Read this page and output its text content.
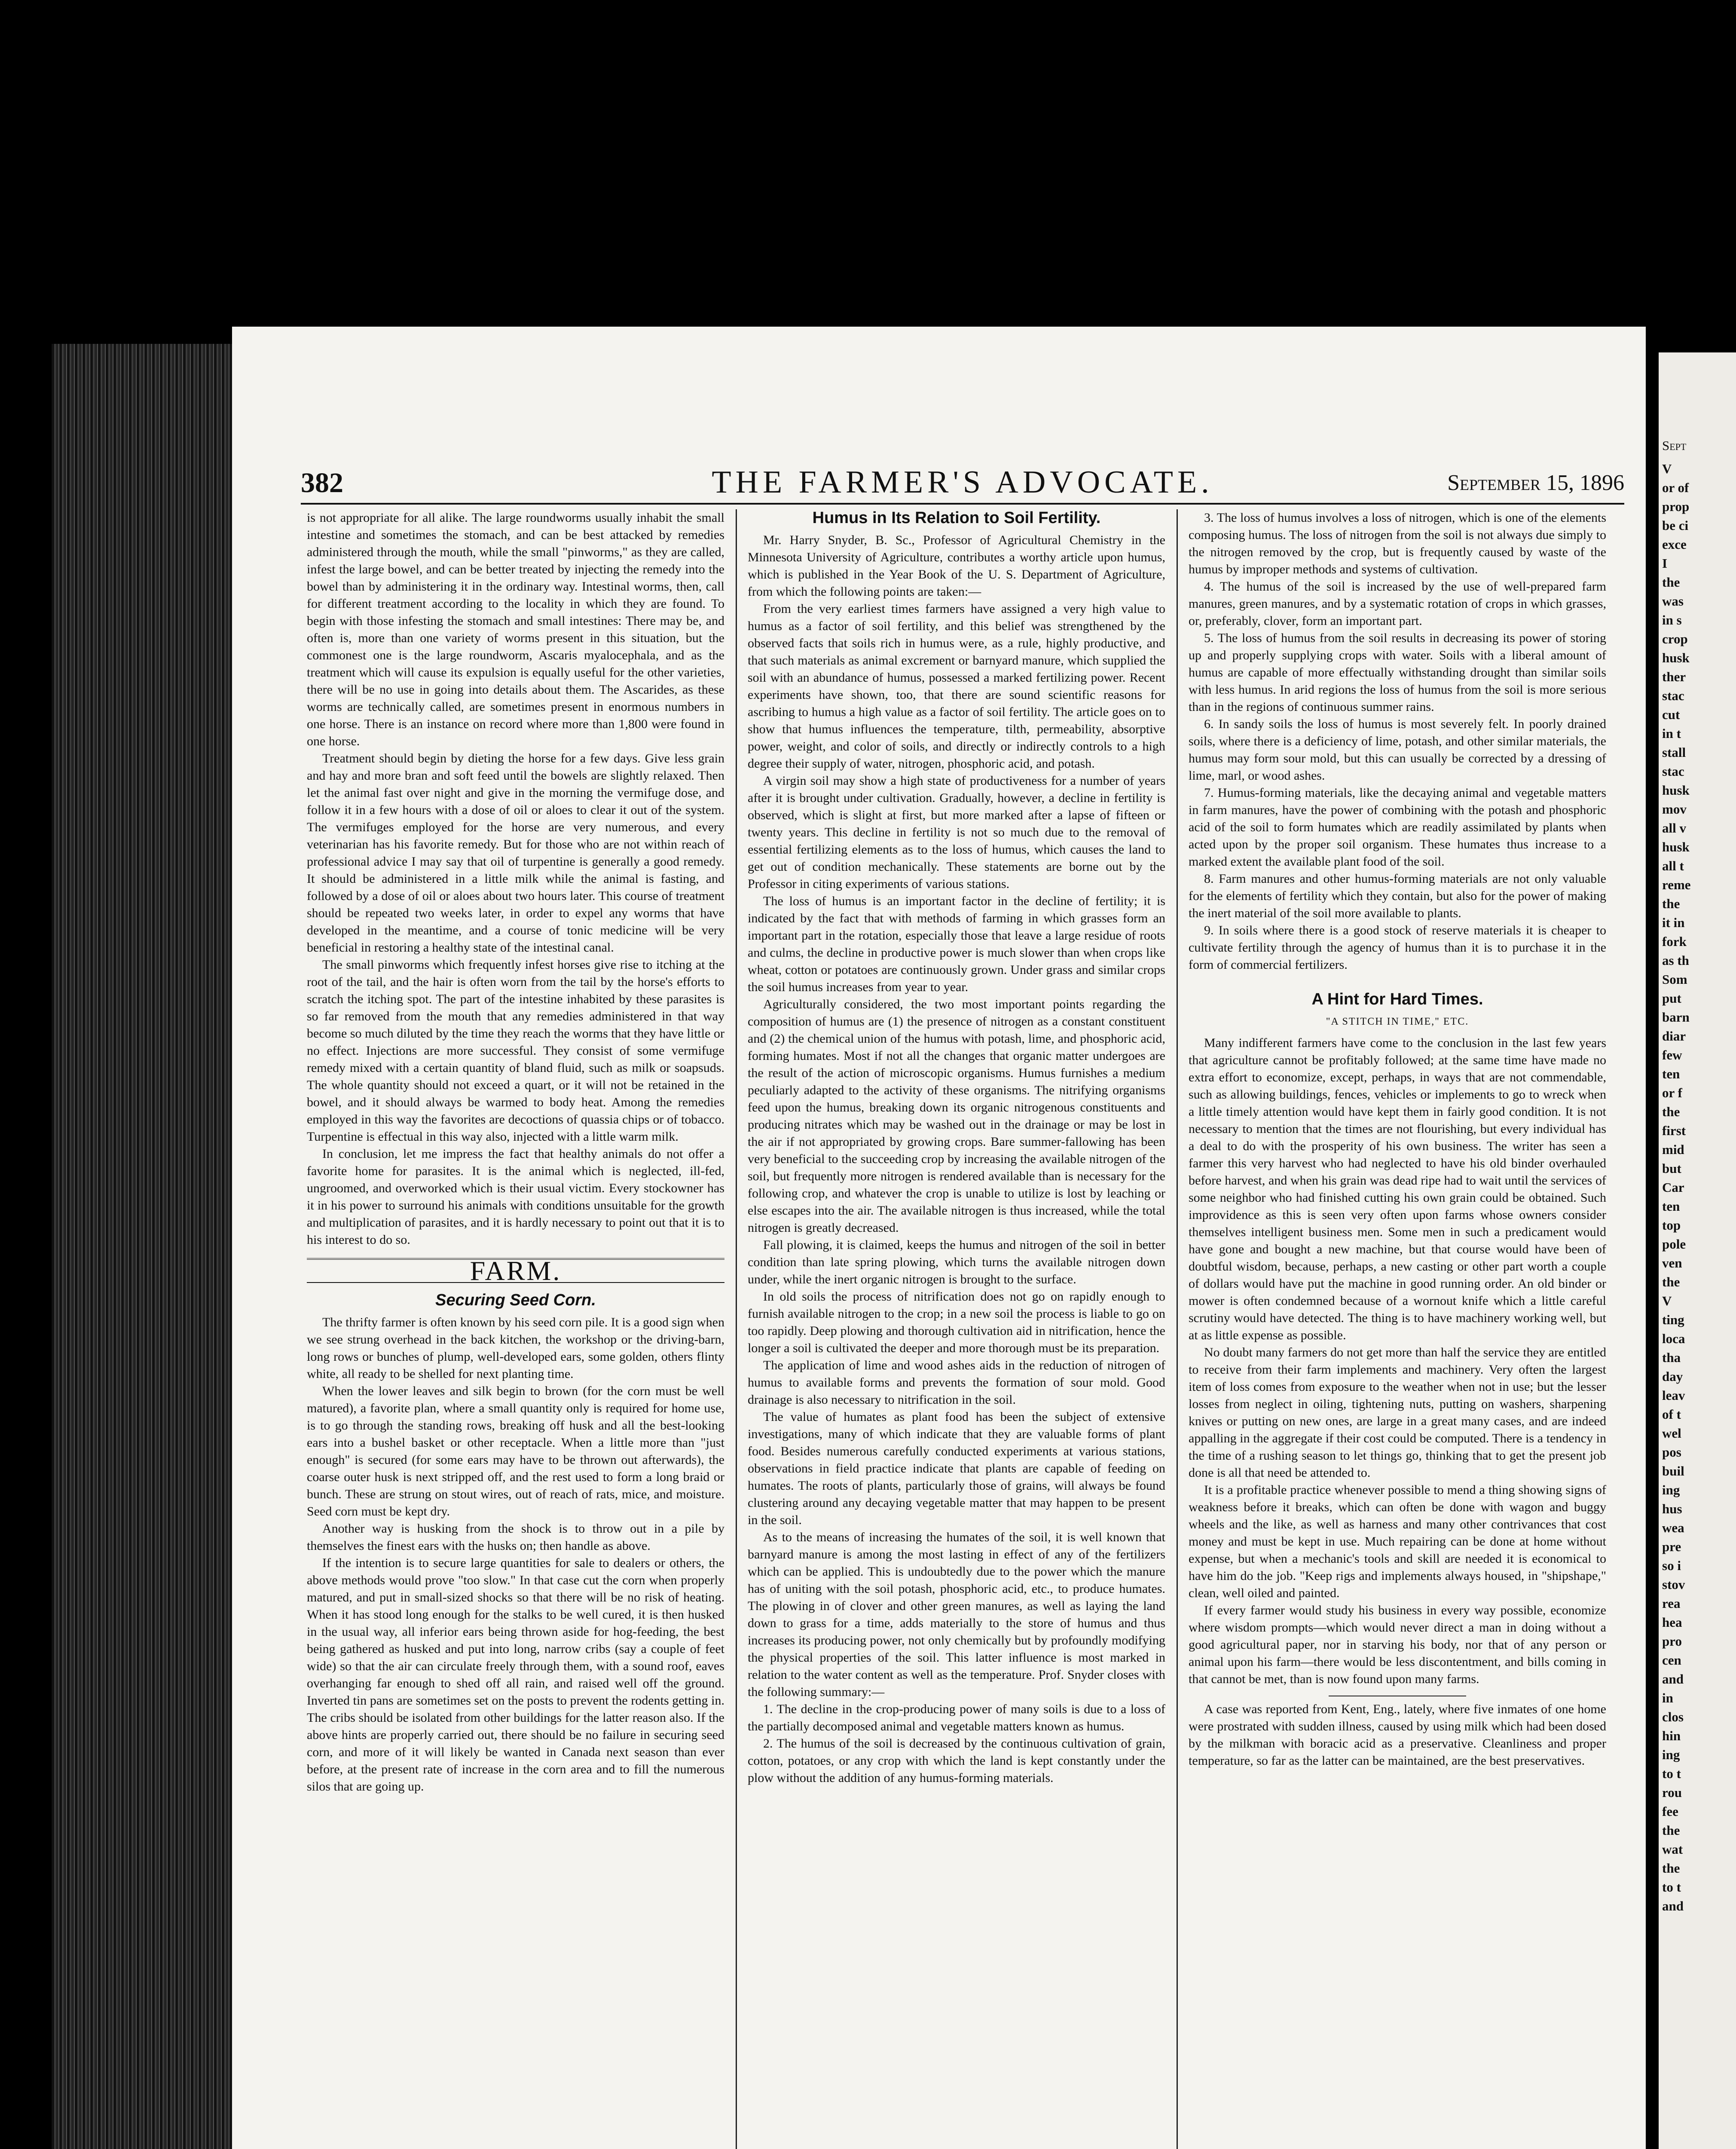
382	THE FARMER'S ADVOCATE.	September 15, 1896

is not appropriate for all alike. The large roundworms usually inhabit the small intestine and sometimes the stomach, and can be best attacked by remedies administered through the mouth, while the small "pinworms," as they are called, infest the large bowel, and can be better treated by injecting the remedy into the bowel than by administering it in the ordinary way. Intestinal worms, then, call for different treatment according to the locality in which they are found. To begin with those infesting the stomach and small intestines: There may be, and often is, more than one variety of worms present in this situation, but the commonest one is the large roundworm, Ascaris myalocephala, and as the treatment which will cause its expulsion is equally useful for the other varieties, there will be no use in going into details about them. The Ascarides, as these worms are technically called, are sometimes present in enormous numbers in one horse. There is an instance on record where more than 1,800 were found in one horse.

Treatment should begin by dieting the horse for a few days. Give less grain and hay and more bran and soft feed until the bowels are slightly relaxed. Then let the animal fast over night and give in the morning the vermifuge dose, and follow it in a few hours with a dose of oil or aloes to clear it out of the system. The vermifuges employed for the horse are very numerous, and every veterinarian has his favorite remedy. But for those who are not within reach of professional advice I may say that oil of turpentine is generally a good remedy. It should be administered in a little milk while the animal is fasting, and followed by a dose of oil or aloes about two hours later. This course of treatment should be repeated two weeks later, in order to expel any worms that have developed in the meantime, and a course of tonic medicine will be very beneficial in restoring a healthy state of the intestinal canal.

The small pinworms which frequently infest horses give rise to itching at the root of the tail, and the hair is often worn from the tail by the horse's efforts to scratch the itching spot. The part of the intestine inhabited by these parasites is so far removed from the mouth that any remedies administered in that way become so much diluted by the time they reach the worms that they have little or no effect. Injections are more successful. They consist of some vermifuge remedy mixed with a certain quantity of bland fluid, such as milk or soapsuds. The whole quantity should not exceed a quart, or it will not be retained in the bowel, and it should always be warmed to body heat. Among the remedies employed in this way the favorites are decoctions of quassia chips or of tobacco. Turpentine is effectual in this way also, injected with a little warm milk.

In conclusion, let me impress the fact that healthy animals do not offer a favorite home for parasites. It is the animal which is neglected, ill-fed, ungroomed, and overworked which is their usual victim. Every stockowner has it in his power to surround his animals with conditions unsuitable for the growth and multiplication of parasites, and it is hardly necessary to point out that it is to his interest to do so.

FARM.
Securing Seed Corn.

The thrifty farmer is often known by his seed corn pile. It is a good sign when we see strung overhead in the back kitchen, the workshop or the driving-barn, long rows or bunches of plump, well-developed ears, some golden, others flinty white, all ready to be shelled for next planting time.

When the lower leaves and silk begin to brown (for the corn must be well matured), a favorite plan, where a small quantity only is required for home use, is to go through the standing rows, breaking off husk and all the best-looking ears into a bushel basket or other receptacle. When a little more than "just enough" is secured (for some ears may have to be thrown out afterwards), the coarse outer husk is next stripped off, and the rest used to form a long braid or bunch. These are strung on stout wires, out of reach of rats, mice, and moisture. Seed corn must be kept dry.

Another way is husking from the shock is to throw out in a pile by themselves the finest ears with the husks on; then handle as above.

If the intention is to secure large quantities for sale to dealers or others, the above methods would prove "too slow." In that case cut the corn when properly matured, and put in small-sized shocks so that there will be no risk of heating. When it has stood long enough for the stalks to be well cured, it is then husked in the usual way, all inferior ears being thrown aside for hog-feeding, the best being gathered as husked and put into long, narrow cribs (say a couple of feet wide) so that the air can circulate freely through them, with a sound roof, eaves overhanging far enough to shed off all rain, and raised well off the ground. Inverted tin pans are sometimes set on the posts to prevent the rodents getting in. The cribs should be isolated from other buildings for the latter reason also. If the above hints are properly carried out, there should be no failure in securing seed corn, and more of it will likely be wanted in Canada next season than ever before, at the present rate of increase in the corn area and to fill the numerous silos that are going up.

Humus in Its Relation to Soil Fertility.

Mr. Harry Snyder, B. Sc., Professor of Agricultural Chemistry in the Minnesota University of Agriculture, contributes a worthy article upon humus, which is published in the Year Book of the U. S. Department of Agriculture, from which the following points are taken:—

From the very earliest times farmers have assigned a very high value to humus as a factor of soil fertility, and this belief was strengthened by the observed facts that soils rich in humus were, as a rule, highly productive, and that such materials as animal excrement or barnyard manure, which supplied the soil with an abundance of humus, possessed a marked fertilizing power. Recent experiments have shown, too, that there are sound scientific reasons for ascribing to humus a high value as a factor of soil fertility. The article goes on to show that humus influences the temperature, tilth, permeability, absorptive power, weight, and color of soils, and directly or indirectly controls to a high degree their supply of water, nitrogen, phosphoric acid, and potash.

A virgin soil may show a high state of productiveness for a number of years after it is brought under cultivation. Gradually, however, a decline in fertility is observed, which is slight at first, but more marked after a lapse of fifteen or twenty years. This decline in fertility is not so much due to the removal of essential fertilizing elements as to the loss of humus, which causes the land to get out of condition mechanically. These statements are borne out by the Professor in citing experiments of various stations.

The loss of humus is an important factor in the decline of fertility; it is indicated by the fact that with methods of farming in which grasses form an important part in the rotation, especially those that leave a large residue of roots and culms, the decline in productive power is much slower than when crops like wheat, cotton or potatoes are continuously grown. Under grass and similar crops the soil humus increases from year to year.

Agriculturally considered, the two most important points regarding the composition of humus are (1) the presence of nitrogen as a constant constituent and (2) the chemical union of the humus with potash, lime, and phosphoric acid, forming humates. Most if not all the changes that organic matter undergoes are the result of the action of microscopic organisms. Humus furnishes a medium peculiarly adapted to the activity of these organisms. The nitrifying organisms feed upon the humus, breaking down its organic nitrogenous constituents and producing nitrates which may be washed out in the drainage or may be lost in the air if not appropriated by growing crops. Bare summer-fallowing has been very beneficial to the succeeding crop by increasing the available nitrogen of the soil, but frequently more nitrogen is rendered available than is necessary for the following crop, and whatever the crop is unable to utilize is lost by leaching or else escapes into the air. The available nitrogen is thus increased, while the total nitrogen is greatly decreased.

Fall plowing, it is claimed, keeps the humus and nitrogen of the soil in better condition than late spring plowing, which turns the available nitrogen down under, while the inert organic nitrogen is brought to the surface.

In old soils the process of nitrification does not go on rapidly enough to furnish available nitrogen to the crop; in a new soil the process is liable to go on too rapidly. Deep plowing and thorough cultivation aid in nitrification, hence the longer a soil is cultivated the deeper and more thorough must be its preparation.

The application of lime and wood ashes aids in the reduction of nitrogen of humus to available forms and prevents the formation of sour mold. Good drainage is also necessary to nitrification in the soil.

The value of humates as plant food has been the subject of extensive investigations, many of which indicate that they are valuable forms of plant food. Besides numerous carefully conducted experiments at various stations, observations in field practice indicate that plants are capable of feeding on humates. The roots of plants, particularly those of grains, will always be found clustering around any decaying vegetable matter that may happen to be present in the soil.

As to the means of increasing the humates of the soil, it is well known that barnyard manure is among the most lasting in effect of any of the fertilizers which can be applied. This is undoubtedly due to the power which the manure has of uniting with the soil potash, phosphoric acid, etc., to produce humates. The plowing in of clover and other green manures, as well as laying the land down to grass for a time, adds materially to the store of humus and thus increases its producing power, not only chemically but by profoundly modifying the physical properties of the soil. This latter influence is most marked in relation to the water content as well as the temperature. Prof. Snyder closes with the following summary:—

1. The decline in the crop-producing power of many soils is due to a loss of the partially decomposed animal and vegetable matters known as humus.

2. The humus of the soil is decreased by the continuous cultivation of grain, cotton, potatoes, or any crop with which the land is kept constantly under the plow without the addition of any humus-forming materials.

3. The loss of humus involves a loss of nitrogen, which is one of the elements composing humus. The loss of nitrogen from the soil is not always due simply to the nitrogen removed by the crop, but is frequently caused by waste of the humus by improper methods and systems of cultivation.

4. The humus of the soil is increased by the use of well-prepared farm manures, green manures, and by a systematic rotation of crops in which grasses, or, preferably, clover, form an important part.

5. The loss of humus from the soil results in decreasing its power of storing up and properly supplying crops with water. Soils with a liberal amount of humus are capable of more effectually withstanding drought than similar soils with less humus. In arid regions the loss of humus from the soil is more serious than in the regions of continuous summer rains.

6. In sandy soils the loss of humus is most severely felt. In poorly drained soils, where there is a deficiency of lime, potash, and other similar materials, the humus may form sour mold, but this can usually be corrected by a dressing of lime, marl, or wood ashes.

7. Humus-forming materials, like the decaying animal and vegetable matters in farm manures, have the power of combining with the potash and phosphoric acid of the soil to form humates which are readily assimilated by plants when acted upon by the proper soil organism. These humates thus increase to a marked extent the available plant food of the soil.

8. Farm manures and other humus-forming materials are not only valuable for the elements of fertility which they contain, but also for the power of making the inert material of the soil more available to plants.

9. In soils where there is a good stock of reserve materials it is cheaper to cultivate fertility through the agency of humus than it is to purchase it in the form of commercial fertilizers.

A Hint for Hard Times.
"A STITCH IN TIME," ETC.

Many indifferent farmers have come to the conclusion in the last few years that agriculture cannot be profitably followed; at the same time have made no extra effort to economize, except, perhaps, in ways that are not commendable, such as allowing buildings, fences, vehicles or implements to go to wreck when a little timely attention would have kept them in fairly good condition. It is not necessary to mention that the times are not flourishing, but every individual has a deal to do with the prosperity of his own business. The writer has seen a farmer this very harvest who had neglected to have his old binder overhauled before harvest, and when his grain was dead ripe had to wait until the services of some neighbor who had finished cutting his own grain could be obtained. Such improvidence as this is seen very often upon farms whose owners consider themselves intelligent business men. Some men in such a predicament would have gone and bought a new machine, but that course would have been of doubtful wisdom, because, perhaps, a new casting or other part worth a couple of dollars would have put the machine in good running order. An old binder or mower is often condemned because of a wornout knife which a little careful scrutiny would have detected. The thing is to have machinery working well, but at as little expense as possible.

No doubt many farmers do not get more than half the service they are entitled to receive from their farm implements and machinery. Very often the largest item of loss comes from exposure to the weather when not in use; but the lesser losses from neglect in oiling, tightening nuts, putting on washers, sharpening knives or putting on new ones, are large in a great many cases, and are indeed appalling in the aggregate if their cost could be computed. There is a tendency in the time of a rushing season to let things go, thinking that to get the present job done is all that need be attended to.

It is a profitable practice whenever possible to mend a thing showing signs of weakness before it breaks, which can often be done with wagon and buggy wheels and the like, as well as harness and many other contrivances that cost money and must be kept in use. Much repairing can be done at home without expense, but when a mechanic's tools and skill are needed it is economical to have him do the job. "Keep rigs and implements always housed, in "shipshape," clean, well oiled and painted.

If every farmer would study his business in every way possible, economize where wisdom prompts—which would never direct a man in doing without a good agricultural paper, nor in starving his body, nor that of any person or animal upon his farm—there would be less discontentment, and bills coming in that cannot be met, than is now found upon many farms.

A case was reported from Kent, Eng., lately, where five inmates of one home were prostrated with sudden illness, caused by using milk which had been dosed by the milkman with boracic acid as a preservative. Cleanliness and proper temperature, so far as the latter can be maintained, are the best preservatives.

Sept
V
or of
prop
be ci
exce
I
the
was
in s
crop
husk
ther
stac
cut
in t
stall
stac
husk
mov
all v
husk
all t
reme
the
it in
fork
as th
Som
put
barn
diar
few
ten
or f
the
first
mid
but
Car
ten
top
pole
ven
the
V
ting
loca
tha
day
leav
of t
wel
pos
buil
ing
hus
wea
pre
so i
stov
rea
hea
pro
cen
and
in
clos
hin
ing
to t
rou
fee
the
wat
the
to t
and
